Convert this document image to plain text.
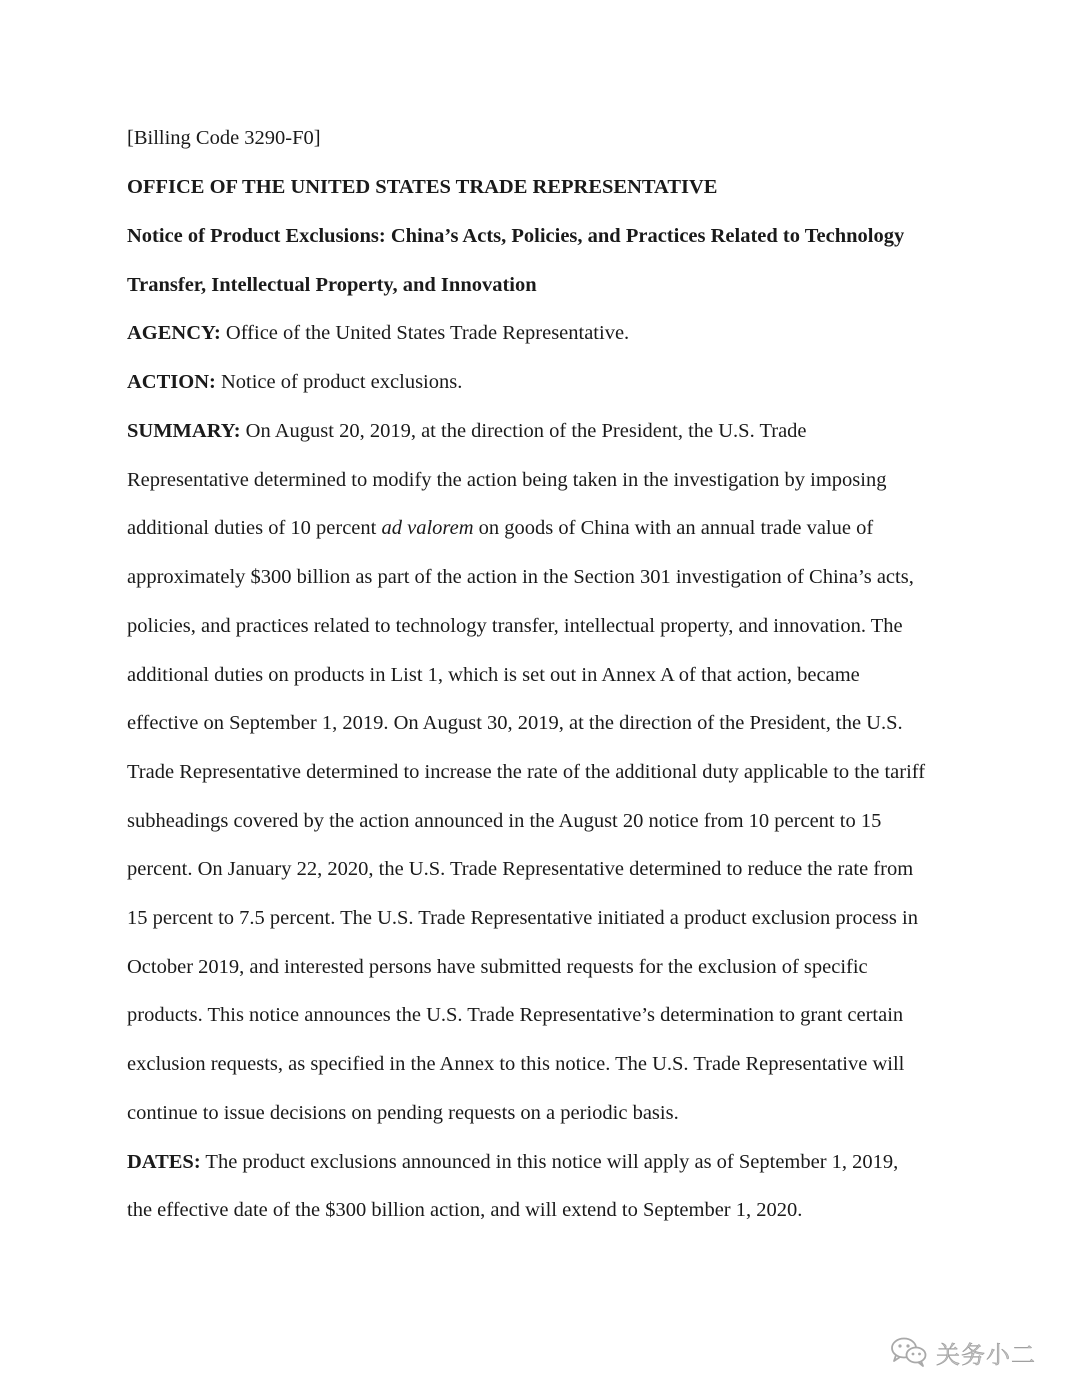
[Billing Code 3290-F0]
OFFICE OF THE UNITED STATES TRADE REPRESENTATIVE
Notice of Product Exclusions: China’s Acts, Policies, and Practices Related to Technology
Transfer, Intellectual Property, and Innovation
AGENCY: Office of the United States Trade Representative.
ACTION: Notice of product exclusions.
SUMMARY: On August 20, 2019, at the direction of the President, the U.S. Trade
Representative determined to modify the action being taken in the investigation by imposing
additional duties of 10 percent ad valorem on goods of China with an annual trade value of
approximately $300 billion as part of the action in the Section 301 investigation of China’s acts,
policies, and practices related to technology transfer, intellectual property, and innovation. The
additional duties on products in List 1, which is set out in Annex A of that action, became
effective on September 1, 2019. On August 30, 2019, at the direction of the President, the U.S.
Trade Representative determined to increase the rate of the additional duty applicable to the tariff
subheadings covered by the action announced in the August 20 notice from 10 percent to 15
percent. On January 22, 2020, the U.S. Trade Representative determined to reduce the rate from
15 percent to 7.5 percent. The U.S. Trade Representative initiated a product exclusion process in
October 2019, and interested persons have submitted requests for the exclusion of specific
products. This notice announces the U.S. Trade Representative’s determination to grant certain
exclusion requests, as specified in the Annex to this notice. The U.S. Trade Representative will
continue to issue decisions on pending requests on a periodic basis.
DATES: The product exclusions announced in this notice will apply as of September 1, 2019,
the effective date of the $300 billion action, and will extend to September 1, 2020.
关务小二
